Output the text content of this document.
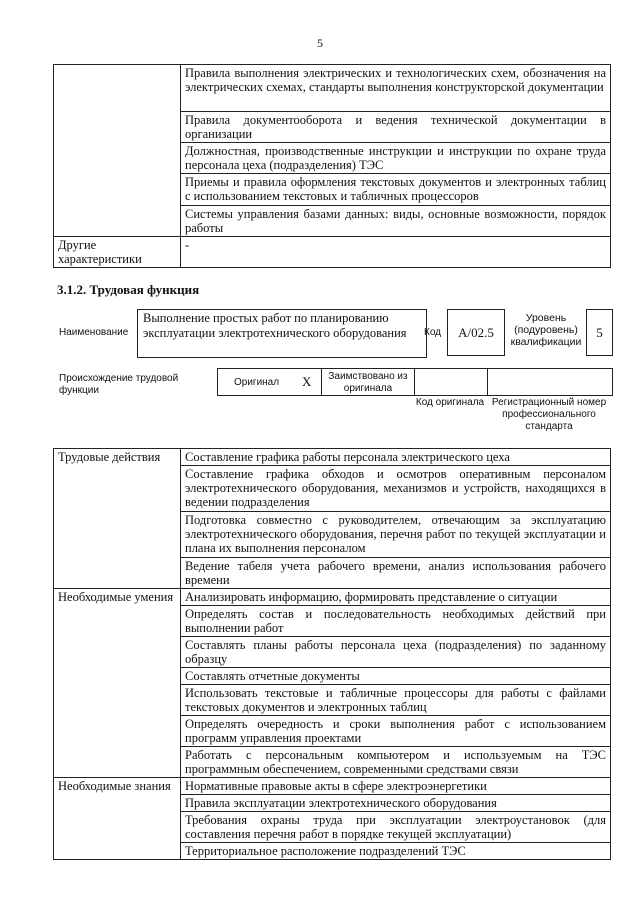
5
	Правила выполнения электрических и технологических схем, обозначения на электрических схемах, стандарты выполнения конструкторской документации
	Правила документооборота и ведения технической документации в организации
	Должностная, производственные инструкции и инструкции по охране труда персонала цеха (подразделения) ТЭС
	Приемы и правила оформления текстовых документов и электронных таблиц с использованием текстовых и табличных процессоров
	Системы управления базами данных: виды, основные возможности, порядок работы
Другие характеристики	-
3.1.2. Трудовая функция
Наименование
Выполнение простых работ по планированию эксплуатации электротехнического оборудования	Код	A/02.5
Уровень (подуровень) квалификации
5
Происхождение трудовой функции
Оригинал X	Заимствовано из оригинала
Код оригинала Регистрационный номер профессионального стандарта
Трудовые действия	Составление графика работы персонала электрического цеха
	Составление графика обходов и осмотров оперативным персоналом электротехнического оборудования, механизмов и устройств, находящихся в ведении подразделения
	Подготовка совместно с руководителем, отвечающим за эксплуатацию электротехнического оборудования, перечня работ по текущей эксплуатации и плана их выполнения персоналом
	Ведение табеля учета рабочего времени, анализ использования рабочего времени
Необходимые умения	Анализировать информацию, формировать представление о ситуации
	Определять состав и последовательность необходимых действий при выполнении работ
	Составлять планы работы персонала цеха (подразделения) по заданному образцу
	Составлять отчетные документы
	Использовать текстовые и табличные процессоры для работы с файлами текстовых документов и электронных таблиц
	Определять очередность и сроки выполнения работ с использованием программ управления проектами
	Работать с персональным компьютером и используемым на ТЭС программным обеспечением, современными средствами связи
Необходимые знания	Нормативные правовые акты в сфере электроэнергетики
	Правила эксплуатации электротехнического оборудования
	Требования охраны труда при эксплуатации электроустановок (для составления перечня работ в порядке текущей эксплуатации)
	Территориальное расположение подразделений ТЭС
